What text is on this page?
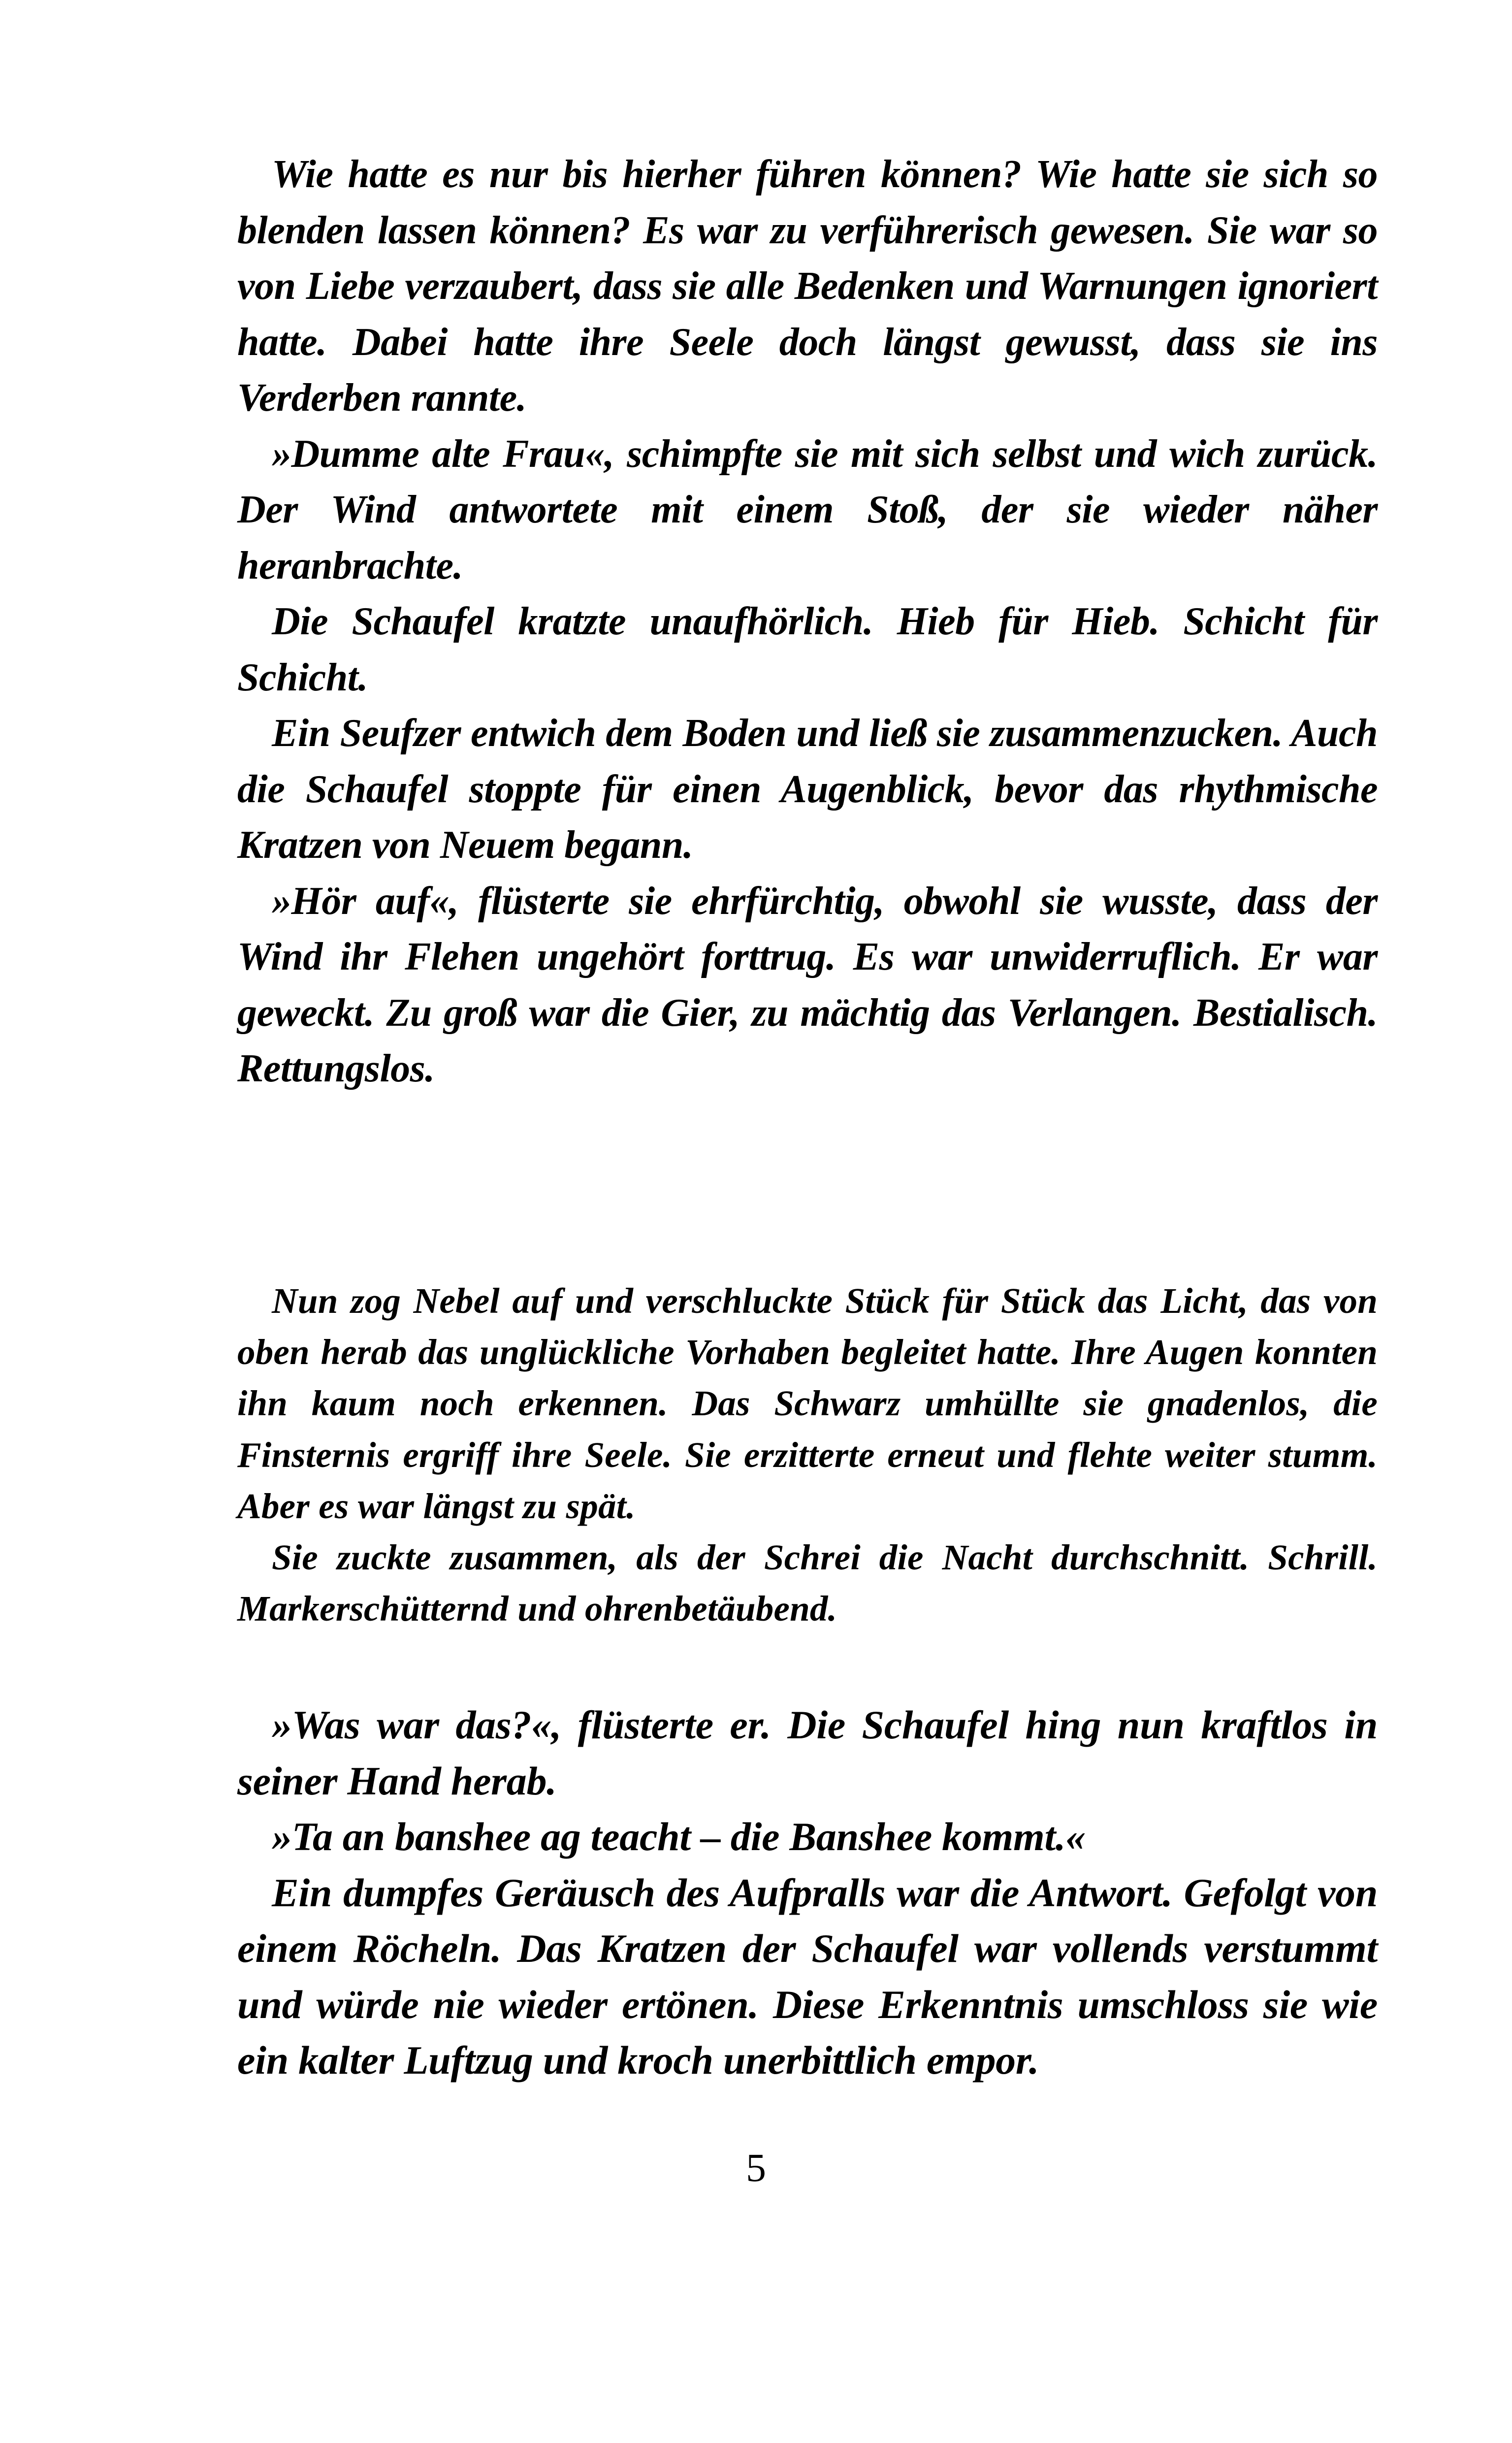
Wie hatte es nur bis hierher führen können? Wie hatte sie sich so blenden lassen können? Es war zu verführerisch gewesen. Sie war so von Liebe verzaubert, dass sie alle Bedenken und Warnungen ignoriert hatte. Dabei hatte ihre Seele doch längst gewusst, dass sie ins Verderben rannte.

»Dumme alte Frau«, schimpfte sie mit sich selbst und wich zurück. Der Wind antwortete mit einem Stoß, der sie wieder näher heranbrachte.

Die Schaufel kratzte unaufhörlich. Hieb für Hieb. Schicht für Schicht.

Ein Seufzer entwich dem Boden und ließ sie zusammenzucken. Auch die Schaufel stoppte für einen Augenblick, bevor das rhythmische Kratzen von Neuem begann.

»Hör auf«, flüsterte sie ehrfürchtig, obwohl sie wusste, dass der Wind ihr Flehen ungehört forttrug. Es war unwiderruflich. Er war geweckt. Zu groß war die Gier, zu mächtig das Verlangen. Bestialisch. Rettungslos.

Nun zog Nebel auf und verschluckte Stück für Stück das Licht, das von oben herab das unglückliche Vorhaben begleitet hatte. Ihre Augen konnten ihn kaum noch erkennen. Das Schwarz umhüllte sie gnadenlos, die Finsternis ergriff ihre Seele. Sie erzitterte erneut und flehte weiter stumm. Aber es war längst zu spät.

Sie zuckte zusammen, als der Schrei die Nacht durchschnitt. Schrill. Markerschütternd und ohrenbetäubend.

»Was war das?«, flüsterte er. Die Schaufel hing nun kraftlos in seiner Hand herab.

»Ta an banshee ag teacht – die Banshee kommt.«

Ein dumpfes Geräusch des Aufpralls war die Antwort. Gefolgt von einem Röcheln. Das Kratzen der Schaufel war vollends verstummt und würde nie wieder ertönen. Diese Erkenntnis umschloss sie wie ein kalter Luftzug und kroch unerbittlich empor.

5
